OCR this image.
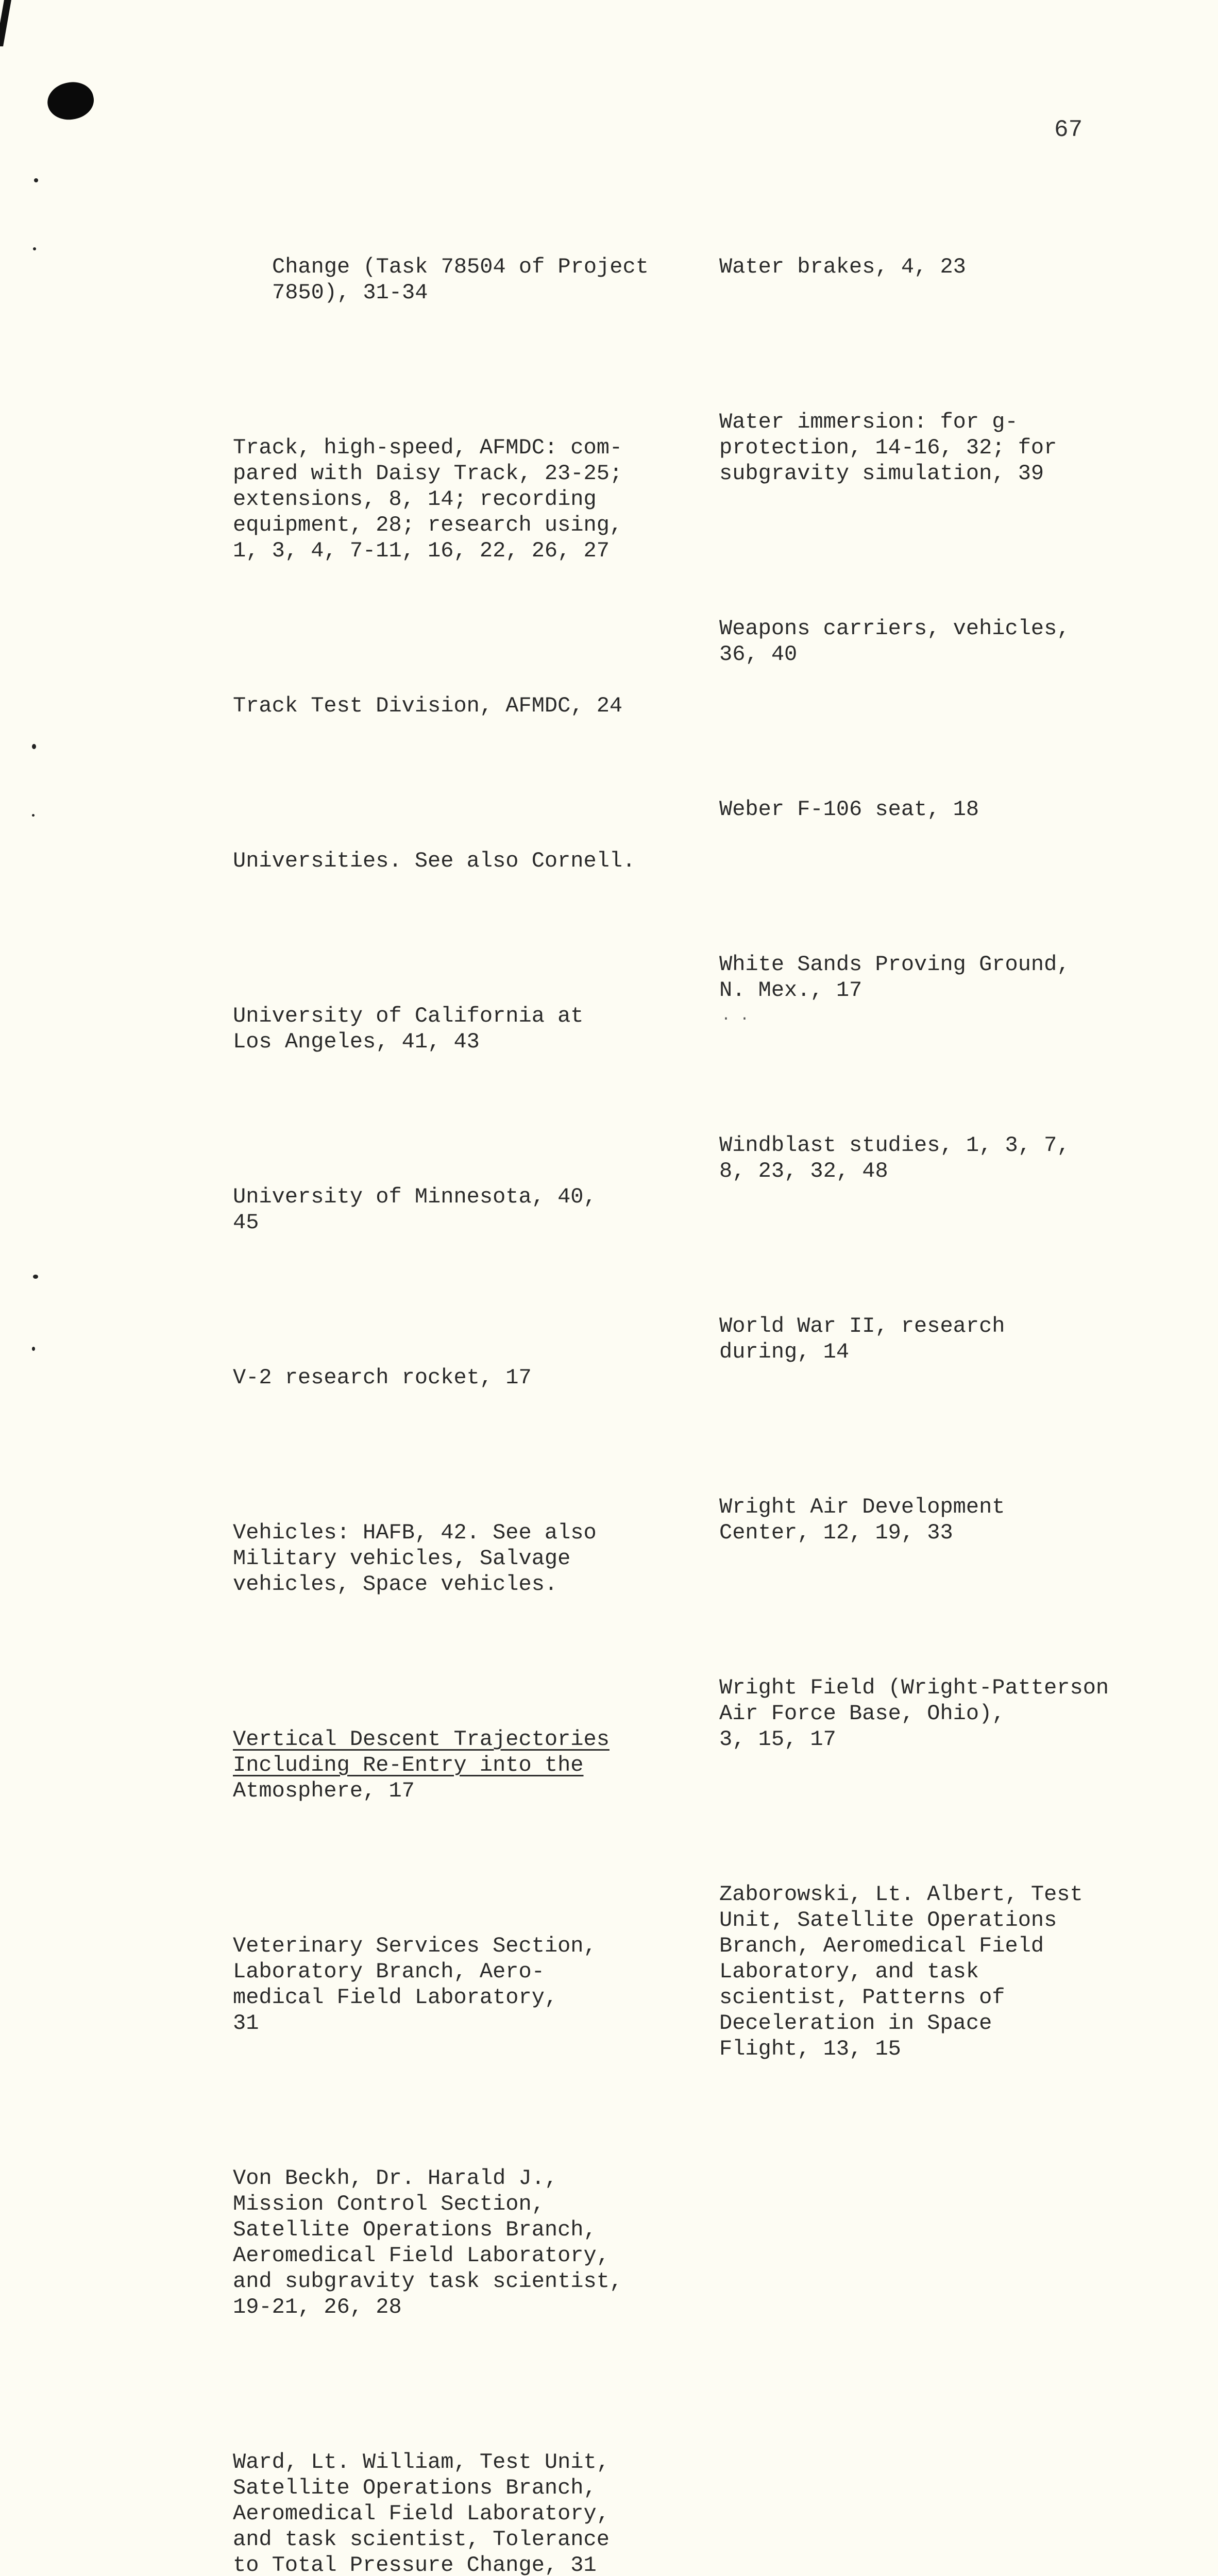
67

Change (Task 78504 of Project
7850), 31-34

Track, high-speed, AFMDC: com-
pared with Daisy Track, 23-25;
extensions, 8, 14; recording
equipment, 28; research using,
1, 3, 4, 7-11, 16, 22, 26, 27

Track Test Division, AFMDC, 24

Universities. See also Cornell.

University of California at
Los Angeles, 41, 43

University of Minnesota, 40,
45

V-2 research rocket, 17

Vehicles: HAFB, 42. See also
Military vehicles, Salvage
vehicles, Space vehicles.

Vertical Descent Trajectories
Including Re-Entry into the
Atmosphere, 17

Veterinary Services Section,
Laboratory Branch, Aero-
medical Field Laboratory,
31

Von Beckh, Dr. Harald J.,
Mission Control Section,
Satellite Operations Branch,
Aeromedical Field Laboratory,
and subgravity task scientist,
19-21, 26, 28

Ward, Lt. William, Test Unit,
Satellite Operations Branch,
Aeromedical Field Laboratory,
and task scientist, Tolerance
to Total Pressure Change, 31

Water brakes, 4, 23

Water immersion: for g-
protection, 14-16, 32; for
subgravity simulation, 39

Weapons carriers, vehicles,
36, 40

Weber F-106 seat, 18

White Sands Proving Ground,
N. Mex., 17

Windblast studies, 1, 3, 7,
8, 23, 32, 48

World War II, research
during, 14

Wright Air Development
Center, 12, 19, 33

Wright Field (Wright-Patterson
Air Force Base, Ohio),
3, 15, 17

Zaborowski, Lt. Albert, Test
Unit, Satellite Operations
Branch, Aeromedical Field
Laboratory, and task
scientist, Patterns of
Deceleration in Space
Flight, 13, 15

. .
